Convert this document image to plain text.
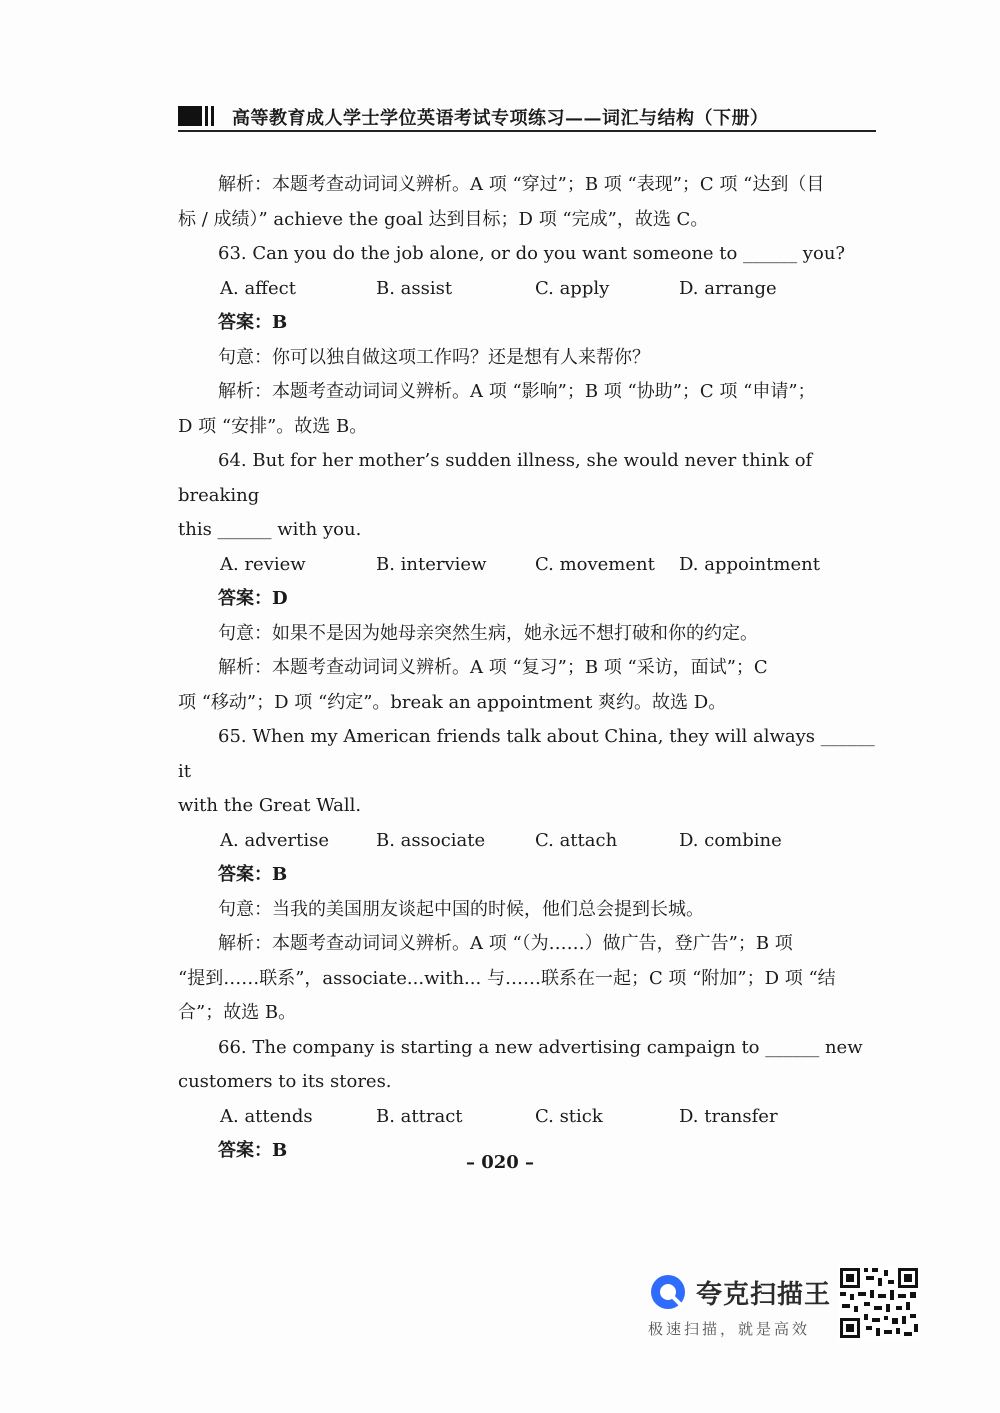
高等教育成人学士学位英语考试专项练习——词汇与结构（下册）

解析：本题考查动词词义辨析。A 项 “穿过”；B 项 “表现”；C 项 “达到（目

标 / 成绩）” achieve the goal 达到目标；D 项 “完成”，故选 C。

63. Can you do the job alone, or do you want someone to ______ you?

A. affect	B. assist	C. apply	D. arrange

答案：B

句意：你可以独自做这项工作吗？还是想有人来帮你？

解析：本题考查动词词义辨析。A 项 “影响”；B 项 “协助”；C 项 “申请”；

D 项 “安排”。故选 B。

64. But for her mother’s sudden illness, she would never think of breaking

this ______ with you.

A. review	B. interview	C. movement	D. appointment

答案：D

句意：如果不是因为她母亲突然生病，她永远不想打破和你的约定。

解析：本题考查动词词义辨析。A 项 “复习”；B 项 “采访，面试”；C

项 “移动”；D 项 “约定”。break an appointment 爽约。故选 D。

65. When my American friends talk about China, they will always ______ it

with the Great Wall.

A. advertise	B. associate	C. attach	D. combine

答案：B

句意：当我的美国朋友谈起中国的时候，他们总会提到长城。

解析：本题考查动词词义辨析。A 项 “（为……）做广告，登广告”；B 项

“提到……联系”，associate...with... 与……联系在一起；C 项 “附加”；D 项 “结

合”；故选 B。

66. The company is starting a new advertising campaign to ______ new

customers to its stores.

A. attends	B. attract	C. stick	D. transfer

答案：B

– 020 –
夸克扫描王
极速扫描，就是高效
